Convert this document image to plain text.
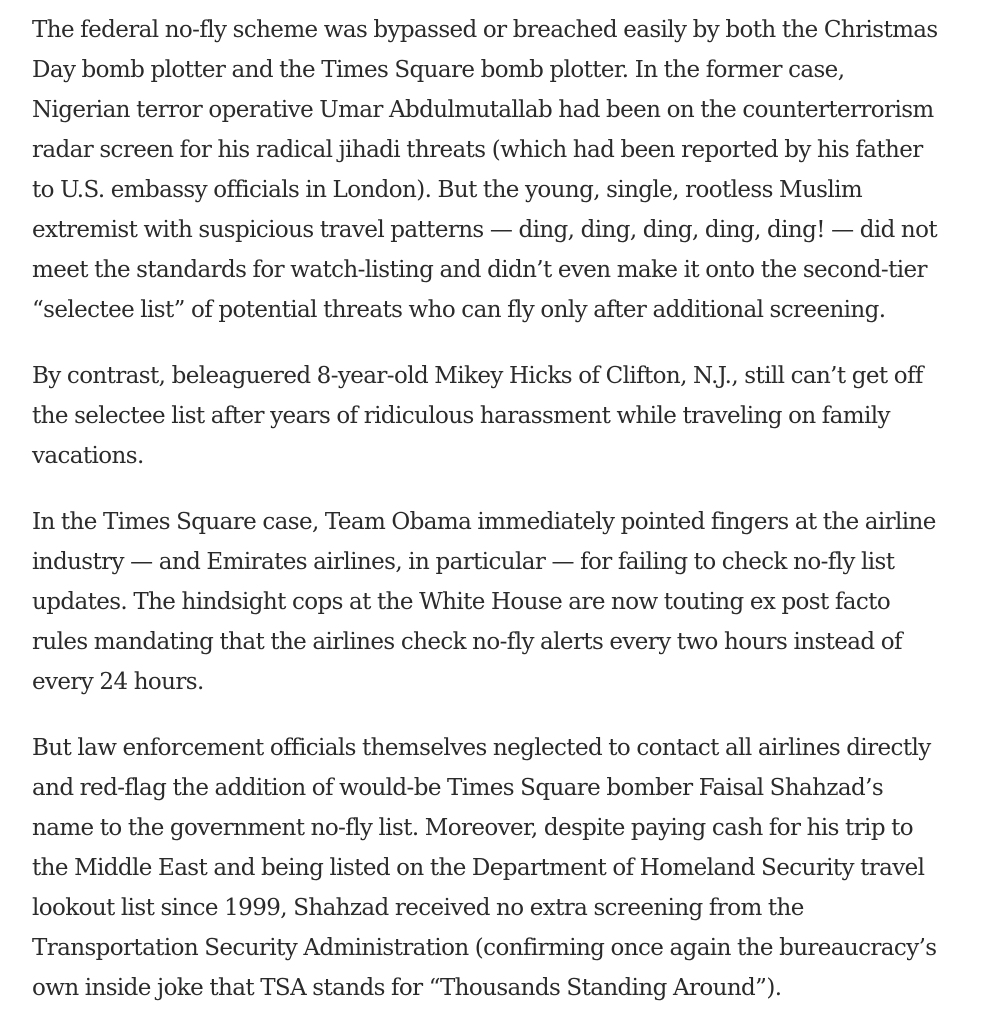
The federal no-fly scheme was bypassed or breached easily by both the Christmas
Day bomb plotter and the Times Square bomb plotter. In the former case,
Nigerian terror operative Umar Abdulmutallab had been on the counterterrorism
radar screen for his radical jihadi threats (which had been reported by his father
to U.S. embassy officials in London). But the young, single, rootless Muslim
extremist with suspicious travel patterns — ding, ding, ding, ding, ding! — did not
meet the standards for watch-listing and didn’t even make it onto the second-tier
“selectee list” of potential threats who can fly only after additional screening.

By contrast, beleaguered 8-year-old Mikey Hicks of Clifton, N.J., still can’t get off
the selectee list after years of ridiculous harassment while traveling on family
vacations.

In the Times Square case, Team Obama immediately pointed fingers at the airline
industry — and Emirates airlines, in particular — for failing to check no-fly list
updates. The hindsight cops at the White House are now touting ex post facto
rules mandating that the airlines check no-fly alerts every two hours instead of
every 24 hours.

But law enforcement officials themselves neglected to contact all airlines directly
and red-flag the addition of would-be Times Square bomber Faisal Shahzad’s
name to the government no-fly list. Moreover, despite paying cash for his trip to
the Middle East and being listed on the Department of Homeland Security travel
lookout list since 1999, Shahzad received no extra screening from the
Transportation Security Administration (confirming once again the bureaucracy’s
own inside joke that TSA stands for “Thousands Standing Around”).
